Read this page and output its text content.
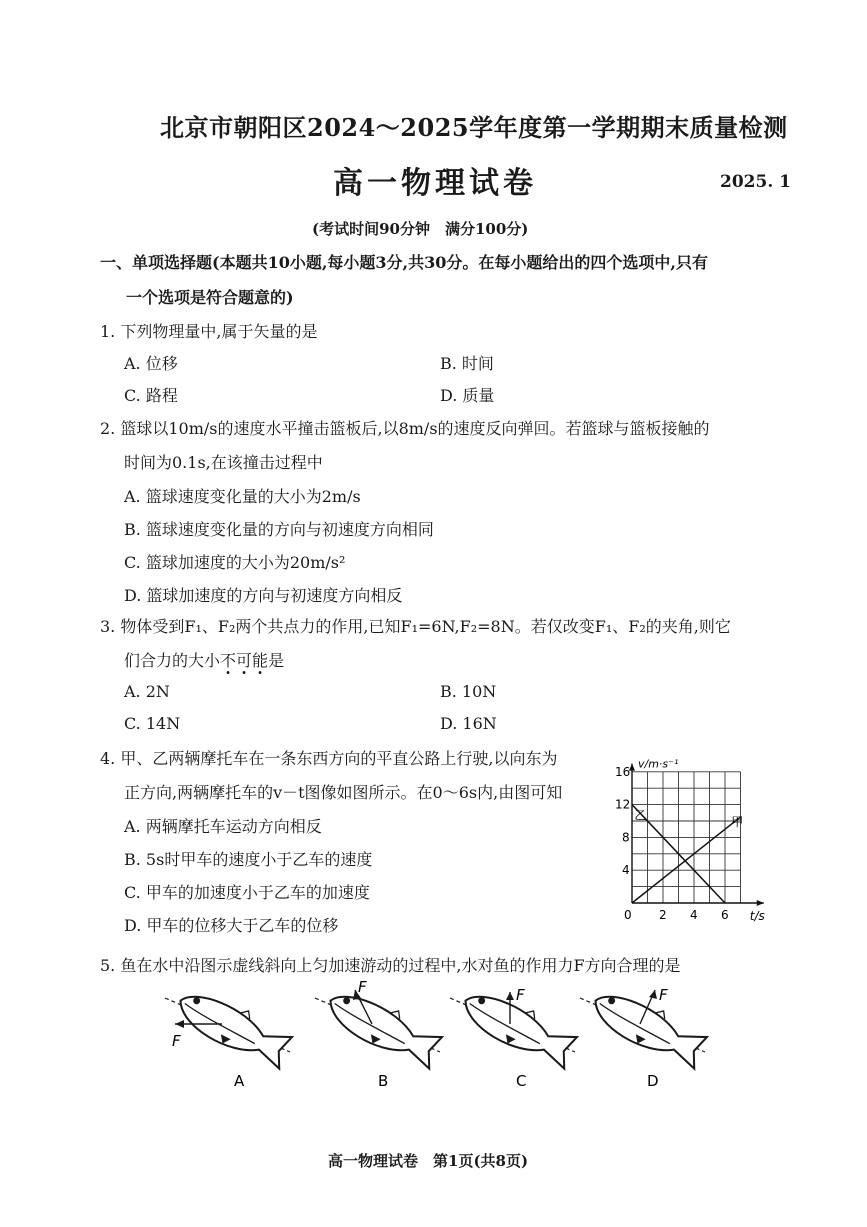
北京市朝阳区2024～2025学年度第一学期期末质量检测
高一物理试卷	2025. 1
(考试时间90分钟　满分100分)
一、单项选择题(本题共10小题,每小题3分,共30分。在每小题给出的四个选项中,只有
一个选项是符合题意的)
1. 下列物理量中,属于矢量的是
A. 位移	B. 时间
C. 路程	D. 质量
2. 篮球以10m/s的速度水平撞击篮板后,以8m/s的速度反向弹回。若篮球与篮板接触的
时间为0.1s,在该撞击过程中
A. 篮球速度变化量的大小为2m/s
B. 篮球速度变化量的方向与初速度方向相同
C. 篮球加速度的大小为20m/s²
D. 篮球加速度的方向与初速度方向相反
3. 物体受到F₁、F₂两个共点力的作用,已知F₁=6N,F₂=8N。若仅改变F₁、F₂的夹角,则它
们合力的大小不可能是
A. 2N	B. 10N
C. 14N	D. 16N
4. 甲、乙两辆摩托车在一条东西方向的平直公路上行驶,以向东为
正方向,两辆摩托车的v－t图像如图所示。在0～6s内,由图可知
A. 两辆摩托车运动方向相反
B. 5s时甲车的速度小于乙车的速度
C. 甲车的加速度小于乙车的加速度
D. 甲车的位移大于乙车的位移
甲
乙
0 2 4 6
4
8
12
16
v/m·s⁻¹
t/s
5. 鱼在水中沿图示虚线斜向上匀加速游动的过程中,水对鱼的作用力F方向合理的是
F
A
F
B
F
C
F
D
高一物理试卷　第1页(共8页)
